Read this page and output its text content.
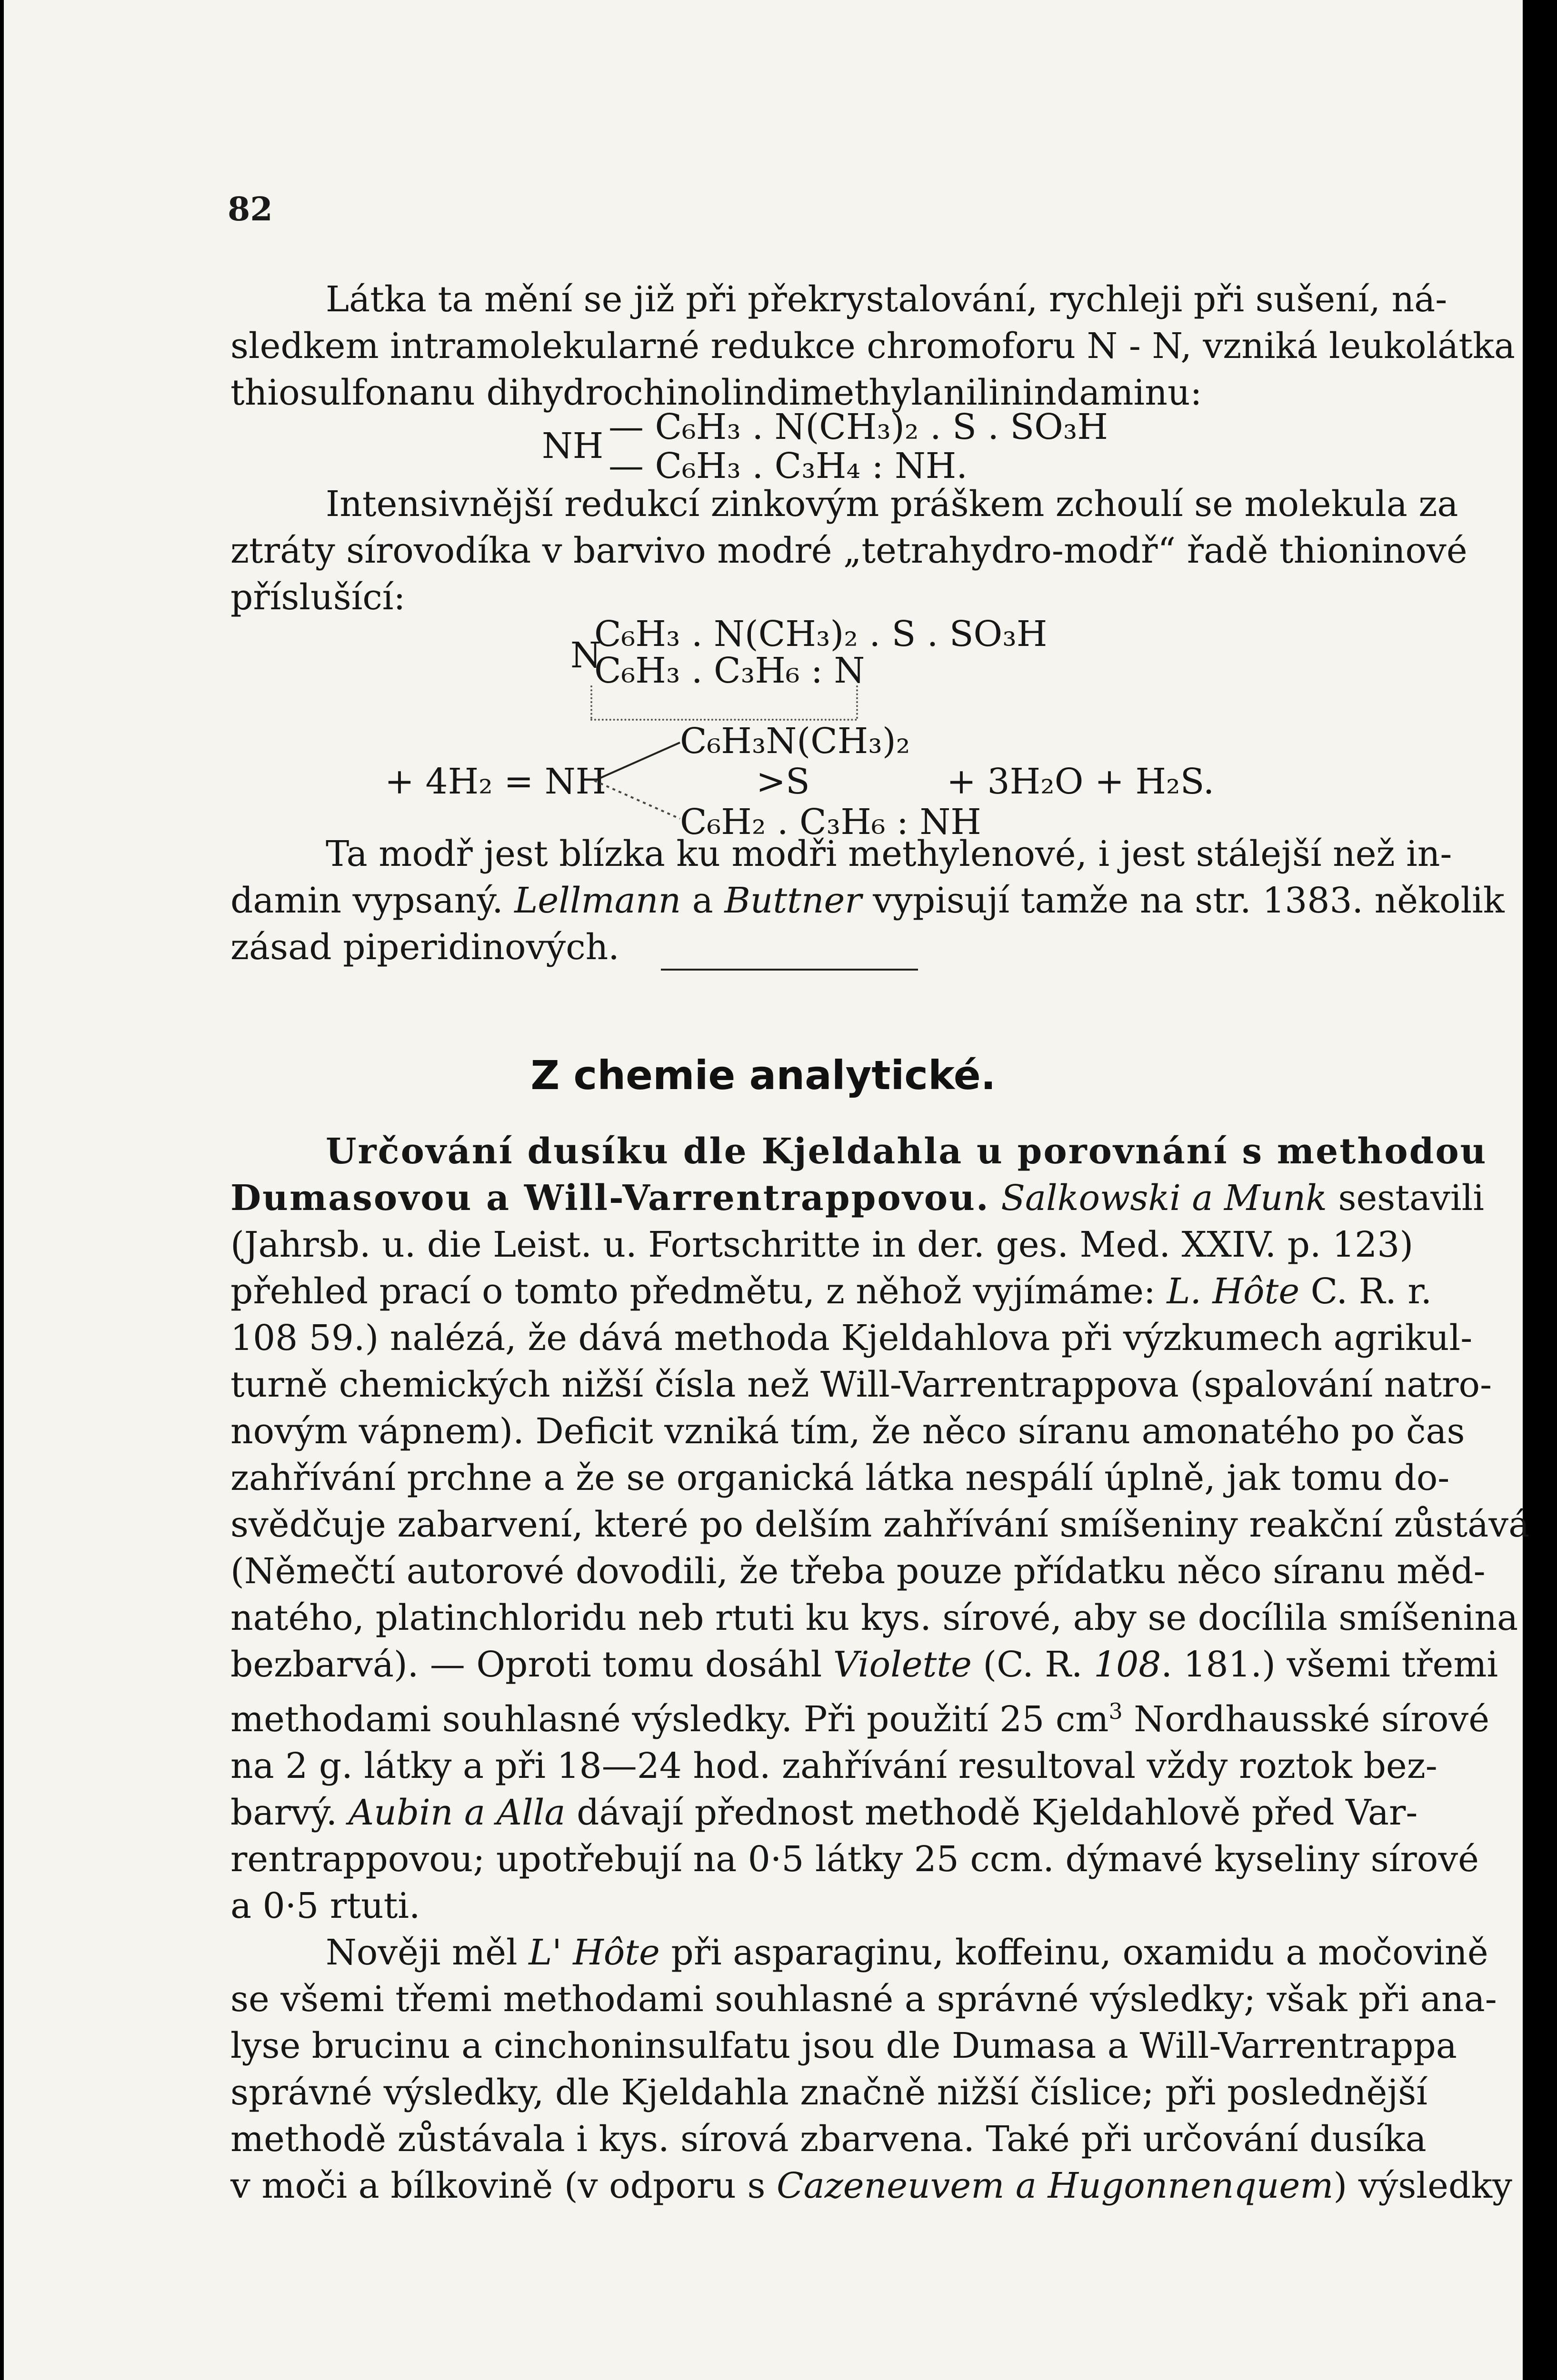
82
Látka ta mění se již při překrystalování, rychleji při sušení, ná-
sledkem intramolekularné redukce chromoforu N - N, vzniká leukolátka
thiosulfonanu dihydrochinolindimethylanilinindaminu:
NH — C₆H₃ . N(CH₃)₂ . S . SO₃H
— C₆H₃ . C₃H₄ : NH.
Intensivnější redukcí zinkovým práškem zchoulí se molekula za
ztráty sírovodíka v barvivo modré „tetrahydro-modř“ řadě thioninové
příslušící:
N
C₆H₃ . N(CH₃)₂ . S . SO₃H
C₆H₃ . C₃H₆ : N
+ 4H₂ = NH
C₆H₃N(CH₃)₂
>S
C₆H₂ . C₃H₆ : NH
+ 3H₂O + H₂S.
Ta modř jest blízka ku modři methylenové, i jest stálejší než in-
damin vypsaný. Lellmann a Buttner vypisují tamže na str. 1383. několik
zásad piperidinových.
Z chemie analytické.
Určování dusíku dle Kjeldahla u porovnání s methodou
Dumasovou a Will-Varrentrappovou. Salkowski a Munk sestavili
(Jahrsb. u. die Leist. u. Fortschritte in der. ges. Med. XXIV. p. 123)
přehled prací o tomto předmětu, z něhož vyjímáme: L. Hôte C. R. r.
108 59.) nalézá, že dává methoda Kjeldahlova při výzkumech agrikul-
turně chemických nižší čísla než Will-Varrentrappova (spalování natro-
novým vápnem). Deficit vzniká tím, že něco síranu amonatého po čas
zahřívání prchne a že se organická látka nespálí úplně, jak tomu do-
svědčuje zabarvení, které po delším zahřívání smíšeniny reakční zůstává
(Němečtí autorové dovodili, že třeba pouze přídatku něco síranu měd-
natého, platinchloridu neb rtuti ku kys. sírové, aby se docílila smíšenina
bezbarvá). — Oproti tomu dosáhl Violette (C. R. 108. 181.) všemi třemi
methodami souhlasné výsledky. Při použití 25 $cm^3$ Nordhausské sírové
na 2 g. látky a při 18—24 hod. zahřívání resultoval vždy roztok bez-
barvý. Aubin a Alla dávají přednost methodě Kjeldahlově před Var-
rentrappovou; upotřebují na 0·5 látky 25 ccm. dýmavé kyseliny sírové
a 0·5 rtuti.
Nověji měl L' Hôte při asparaginu, koffeinu, oxamidu a močovině
se všemi třemi methodami souhlasné a správné výsledky; však při ana-
lyse brucinu a cinchoninsulfatu jsou dle Dumasa a Will-Varrentrappa
správné výsledky, dle Kjeldahla značně nižší číslice; při poslednější
methodě zůstávala i kys. sírová zbarvena. Také při určování dusíka
v moči a bílkovině (v odporu s Cazeneuvem a Hugonnenquem) výsledky
